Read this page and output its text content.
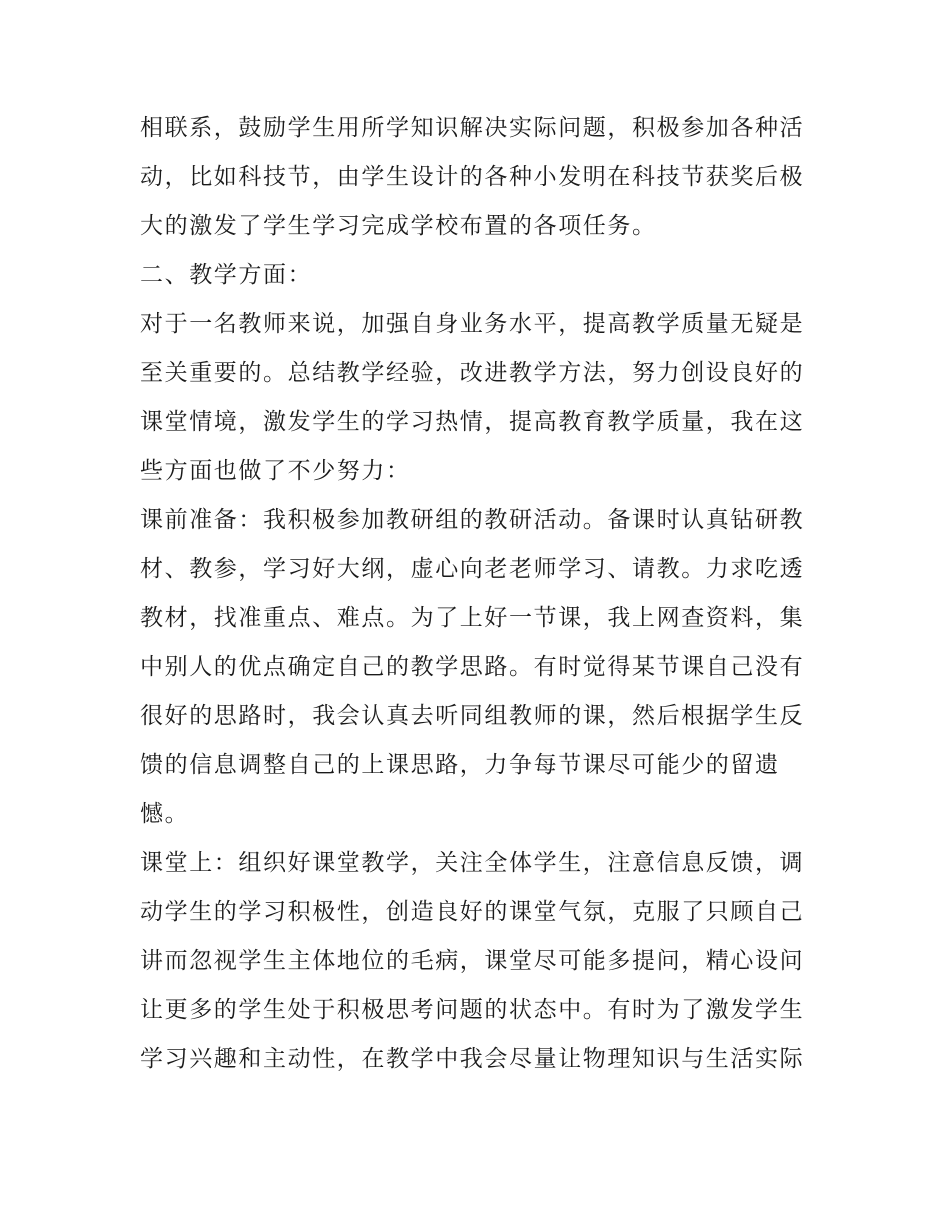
相联系，鼓励学生用所学知识解决实际问题，积极参加各种活
动，比如科技节，由学生设计的各种小发明在科技节获奖后极
大的激发了学生学习完成学校布置的各项任务。
二、教学方面：
对于一名教师来说，加强自身业务水平，提高教学质量无疑是
至关重要的。总结教学经验，改进教学方法，努力创设良好的
课堂情境，激发学生的学习热情，提高教育教学质量，我在这
些方面也做了不少努力：
课前准备：我积极参加教研组的教研活动。备课时认真钻研教
材、教参，学习好大纲，虚心向老老师学习、请教。力求吃透
教材，找准重点、难点。为了上好一节课，我上网查资料，集
中别人的优点确定自己的教学思路。有时觉得某节课自己没有
很好的思路时，我会认真去听同组教师的课，然后根据学生反
馈的信息调整自己的上课思路，力争每节课尽可能少的留遗
憾。
课堂上：组织好课堂教学，关注全体学生，注意信息反馈，调
动学生的学习积极性，创造良好的课堂气氛，克服了只顾自己
讲而忽视学生主体地位的毛病，课堂尽可能多提问，精心设问
让更多的学生处于积极思考问题的状态中。有时为了激发学生
学习兴趣和主动性，在教学中我会尽量让物理知识与生活实际
